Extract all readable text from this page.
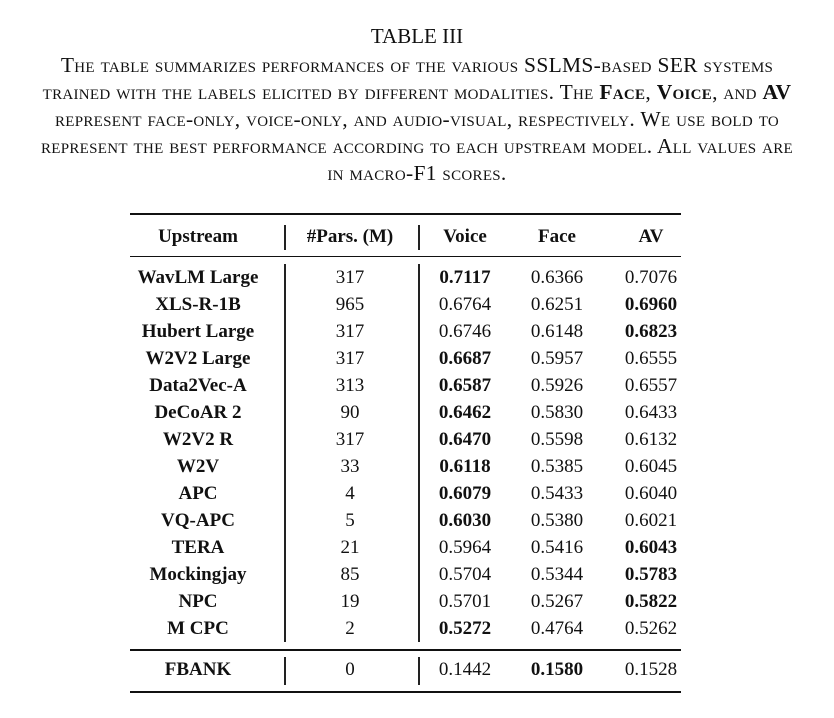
TABLE III
The table summarizes performances of the various SSLMS-based SER systems trained with the labels elicited by different modalities. The Face, Voice, and AV represent face-only, voice-only, and audio-visual, respectively. We use bold to represent the best performance according to each upstream model. All values are in macro-F1 scores.
Upstream	#Pars. (M)	Voice	Face	AV
WavLM Large	317	0.7117	0.6366	0.7076
XLS-R-1B	965	0.6764	0.6251	0.6960
Hubert Large	317	0.6746	0.6148	0.6823
W2V2 Large	317	0.6687	0.5957	0.6555
Data2Vec-A	313	0.6587	0.5926	0.6557
DeCoAR 2	90	0.6462	0.5830	0.6433
W2V2 R	317	0.6470	0.5598	0.6132
W2V	33	0.6118	0.5385	0.6045
APC	4	0.6079	0.5433	0.6040
VQ-APC	5	0.6030	0.5380	0.6021
TERA	21	0.5964	0.5416	0.6043
Mockingjay	85	0.5704	0.5344	0.5783
NPC	19	0.5701	0.5267	0.5822
M CPC	2	0.5272	0.4764	0.5262
FBANK	0	0.1442	0.1580	0.1528
